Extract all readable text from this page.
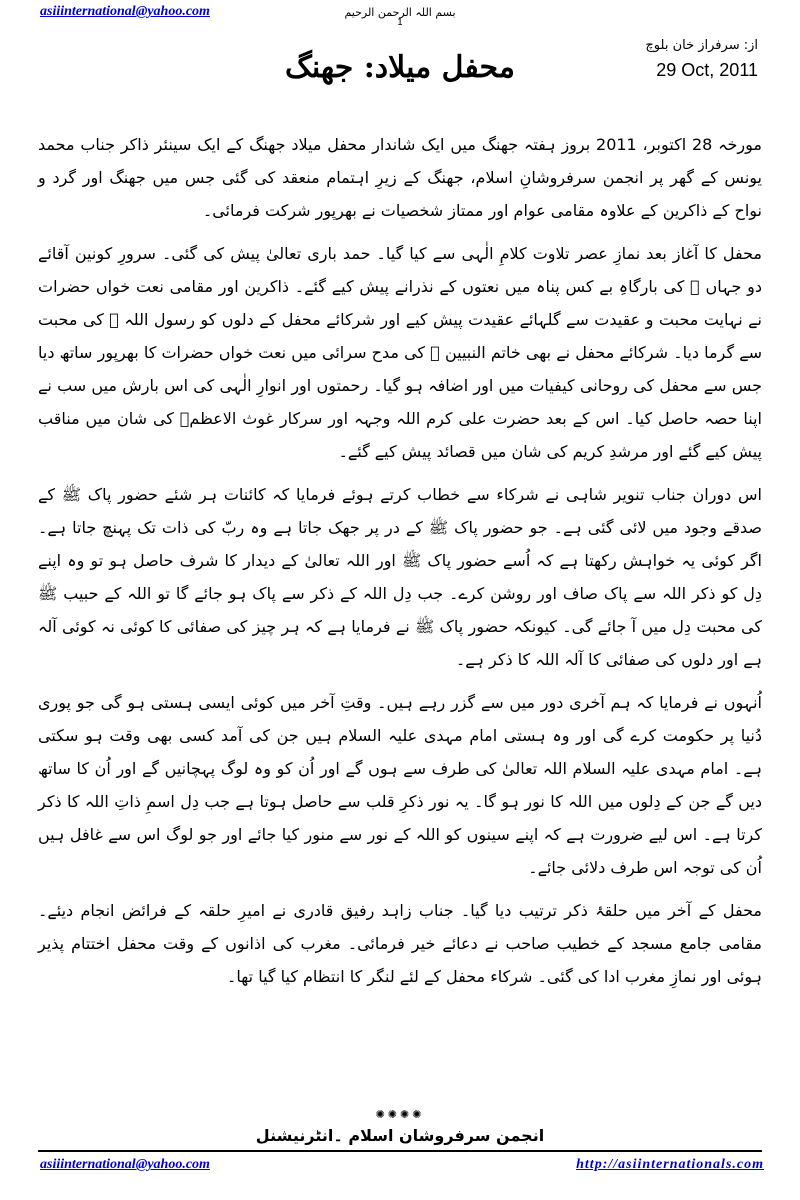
asiiinternational@yahoo.com	بسم اللہ الرحمن الرحیم
1
از: سرفراز خان بلوچ
29 Oct, 2011
محفل میلاد: جھنگ

مورخہ 28 اکتوبر، 2011 بروز ہفتہ جھنگ میں ایک شاندار محفل میلاد جھنگ کے ایک سینئر ذاکر جناب محمد یونس کے گھر پر انجمن سرفروشانِ اسلام، جھنگ کے زیرِ اہتمام منعقد کی گئی جس میں جھنگ اور گرد و نواح کے ذاکرین کے علاوہ مقامی عوام اور ممتاز شخصیات نے بھرپور شرکت فرمائی۔

محفل کا آغاز بعد نمازِ عصر تلاوت کلامِ الٰہی سے کیا گیا۔ حمد باری تعالیٰ پیش کی گئی۔ سرورِ کونین آقائے دو جہاں ﷺ کی بارگاہِ بے کس پناہ میں نعتوں کے نذرانے پیش کیے گئے۔ ذاکرین اور مقامی نعت خواں حضرات نے نہایت محبت و عقیدت سے گلہائے عقیدت پیش کیے اور شرکائے محفل کے دلوں کو رسول اللہ ﷺ کی محبت سے گرما دیا۔ شرکائے محفل نے بھی خاتم النبیین ﷺ کی مدح سرائی میں نعت خواں حضرات کا بھرپور ساتھ دیا جس سے محفل کی روحانی کیفیات میں اور اضافہ ہو گیا۔ رحمتوں اور انوارِ الٰہی کی اس بارش میں سب نے اپنا حصہ حاصل کیا۔ اس کے بعد حضرت علی کرم اللہ وجہہ اور سرکار غوث الاعظمؒ کی شان میں مناقب پیش کیے گئے اور مرشدِ کریم کی شان میں قصائد پیش کیے گئے۔

اس دوران جناب تنویر شاہی نے شرکاء سے خطاب کرتے ہوئے فرمایا کہ کائنات ہر شئے حضور پاک ﷺ کے صدقے وجود میں لائی گئی ہے۔ جو حضور پاک ﷺ کے در پر جھک جاتا ہے وہ ربّ کی ذات تک پہنچ جاتا ہے۔ اگر کوئی یہ خواہش رکھتا ہے کہ اُسے حضور پاک ﷺ اور اللہ تعالیٰ کے دیدار کا شرف حاصل ہو تو وہ اپنے دِل کو ذکر اللہ سے پاک صاف اور روشن کرے۔ جب دِل اللہ کے ذکر سے پاک ہو جائے گا تو اللہ کے حبیب ﷺ کی محبت دِل میں آ جائے گی۔ کیونکہ حضور پاک ﷺ نے فرمایا ہے کہ ہر چیز کی صفائی کا کوئی نہ کوئی آلہ ہے اور دلوں کی صفائی کا آلہ اللہ کا ذکر ہے۔

اُنہوں نے فرمایا کہ ہم آخری دور میں سے گزر رہے ہیں۔ وقتِ آخر میں کوئی ایسی ہستی ہو گی جو پوری دُنیا پر حکومت کرے گی اور وہ ہستی امام مہدی علیہ السلام ہیں جن کی آمد کسی بھی وقت ہو سکتی ہے۔ امام مہدی علیہ السلام اللہ تعالیٰ کی طرف سے ہوں گے اور اُن کو وہ لوگ پہچانیں گے اور اُن کا ساتھ دیں گے جن کے دِلوں میں اللہ کا نور ہو گا۔ یہ نور ذکرِ قلب سے حاصل ہوتا ہے جب دِل اسمِ ذاتِ اللہ کا ذکر کرتا ہے۔ اس لیے ضرورت ہے کہ اپنے سینوں کو اللہ کے نور سے منور کیا جائے اور جو لوگ اس سے غافل ہیں اُن کی توجہ اس طرف دلائی جائے۔

محفل کے آخر میں حلقۂ ذکر ترتیب دیا گیا۔ جناب زاہد رفیق قادری نے امیرِ حلقہ کے فرائض انجام دیئے۔ مقامی جامع مسجد کے خطیب صاحب نے دعائے خیر فرمائی۔ مغرب کی اذانوں کے وقت محفل اختتام پذیر ہوئی اور نمازِ مغرب ادا کی گئی۔ شرکاء محفل کے لئے لنگر کا انتظام کیا گیا تھا۔

✺✺✺✺
انجمن سرفروشان اسلام ۔انٹرنیشنل
asiiinternational@yahoo.com	http://asiinternationals.com
